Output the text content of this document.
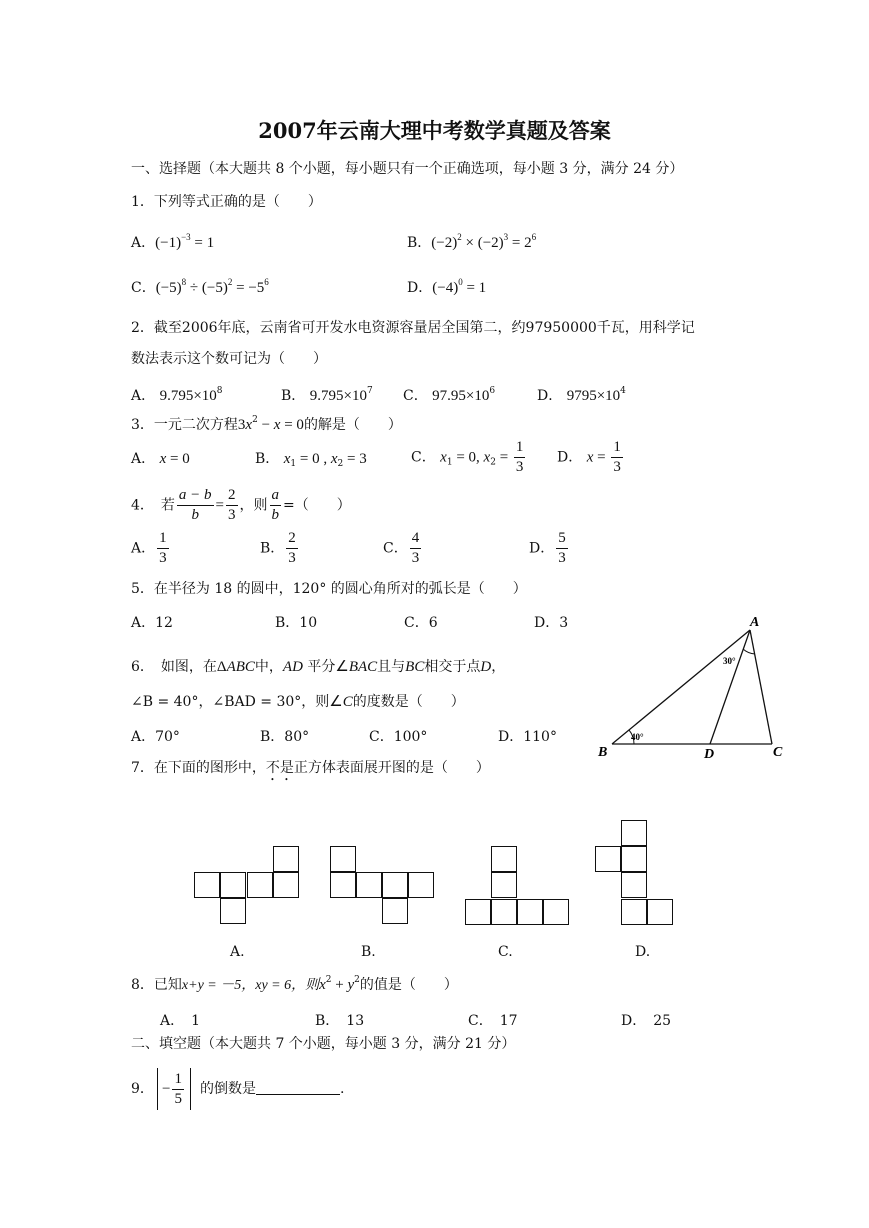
2007年云南大理中考数学真题及答案
一、选择题（本大题共 8 个小题，每小题只有一个正确选项，每小题 3 分，满分 24 分）
1．下列等式正确的是（　　）
A．$(-1)^{-3} = 1$	B．$(-2)^2 \times (-2)^3 = 2^6$
C．$(-5)^8 \div (-5)^2 = -5^6$	D．$(-4)^0 = 1$
2．截至2006年底，云南省可开发水电资源容量居全国第二，约97950000千瓦，用科学记
数法表示这个数可记为（　　）
A． $9.795\times 10^8$	B． $9.795\times 10^7$ C． $97.95\times 10^6$	D． $9795\times 10^4$
3．一元二次方程$3x^2 - x = 0$的解是（　　）
A． x = 0	B． $x_1 = 0$ , $x_2 = 3$	C． $x_1 = 0$, $x_2 = \frac{1}{3}$ D． $x = \frac{1}{3}$
4．　若 $\frac{a - b}{b} = \frac{2}{3}$ ，则 $\frac{a}{b}$ =（　　）
A． $\frac{1}{3}$	B． $\frac{2}{3}$	C． $\frac{4}{3}$	D． $\frac{5}{3}$
5．在半径为 18 的圆中，120° 的圆心角所对的弧长是（　　）
A．12	B．10	C．6	D．3
6．　如图，在ΔABC中，AD 平分∠BAC且与BC相交于点D，
∠B = 40°，∠BAD = 30°，则∠C的度数是（　　）
A．70°	B．80°	C．100°	D．110°
A
B	D	C
40°
30°
7．在下面的图形中，不是正方体表面展开图的是（　　）
A.	B.	C.	D.
8．已知x+y = －5，xy = 6，则$x^2 + y^2$的值是（　　）
A．　1	B．　13	C．　17	D．　25
二、填空题（本大题共 7 个小题，每小题 3 分，满分 21 分）
9． − $\frac{1}{5}$ 的倒数是	.
